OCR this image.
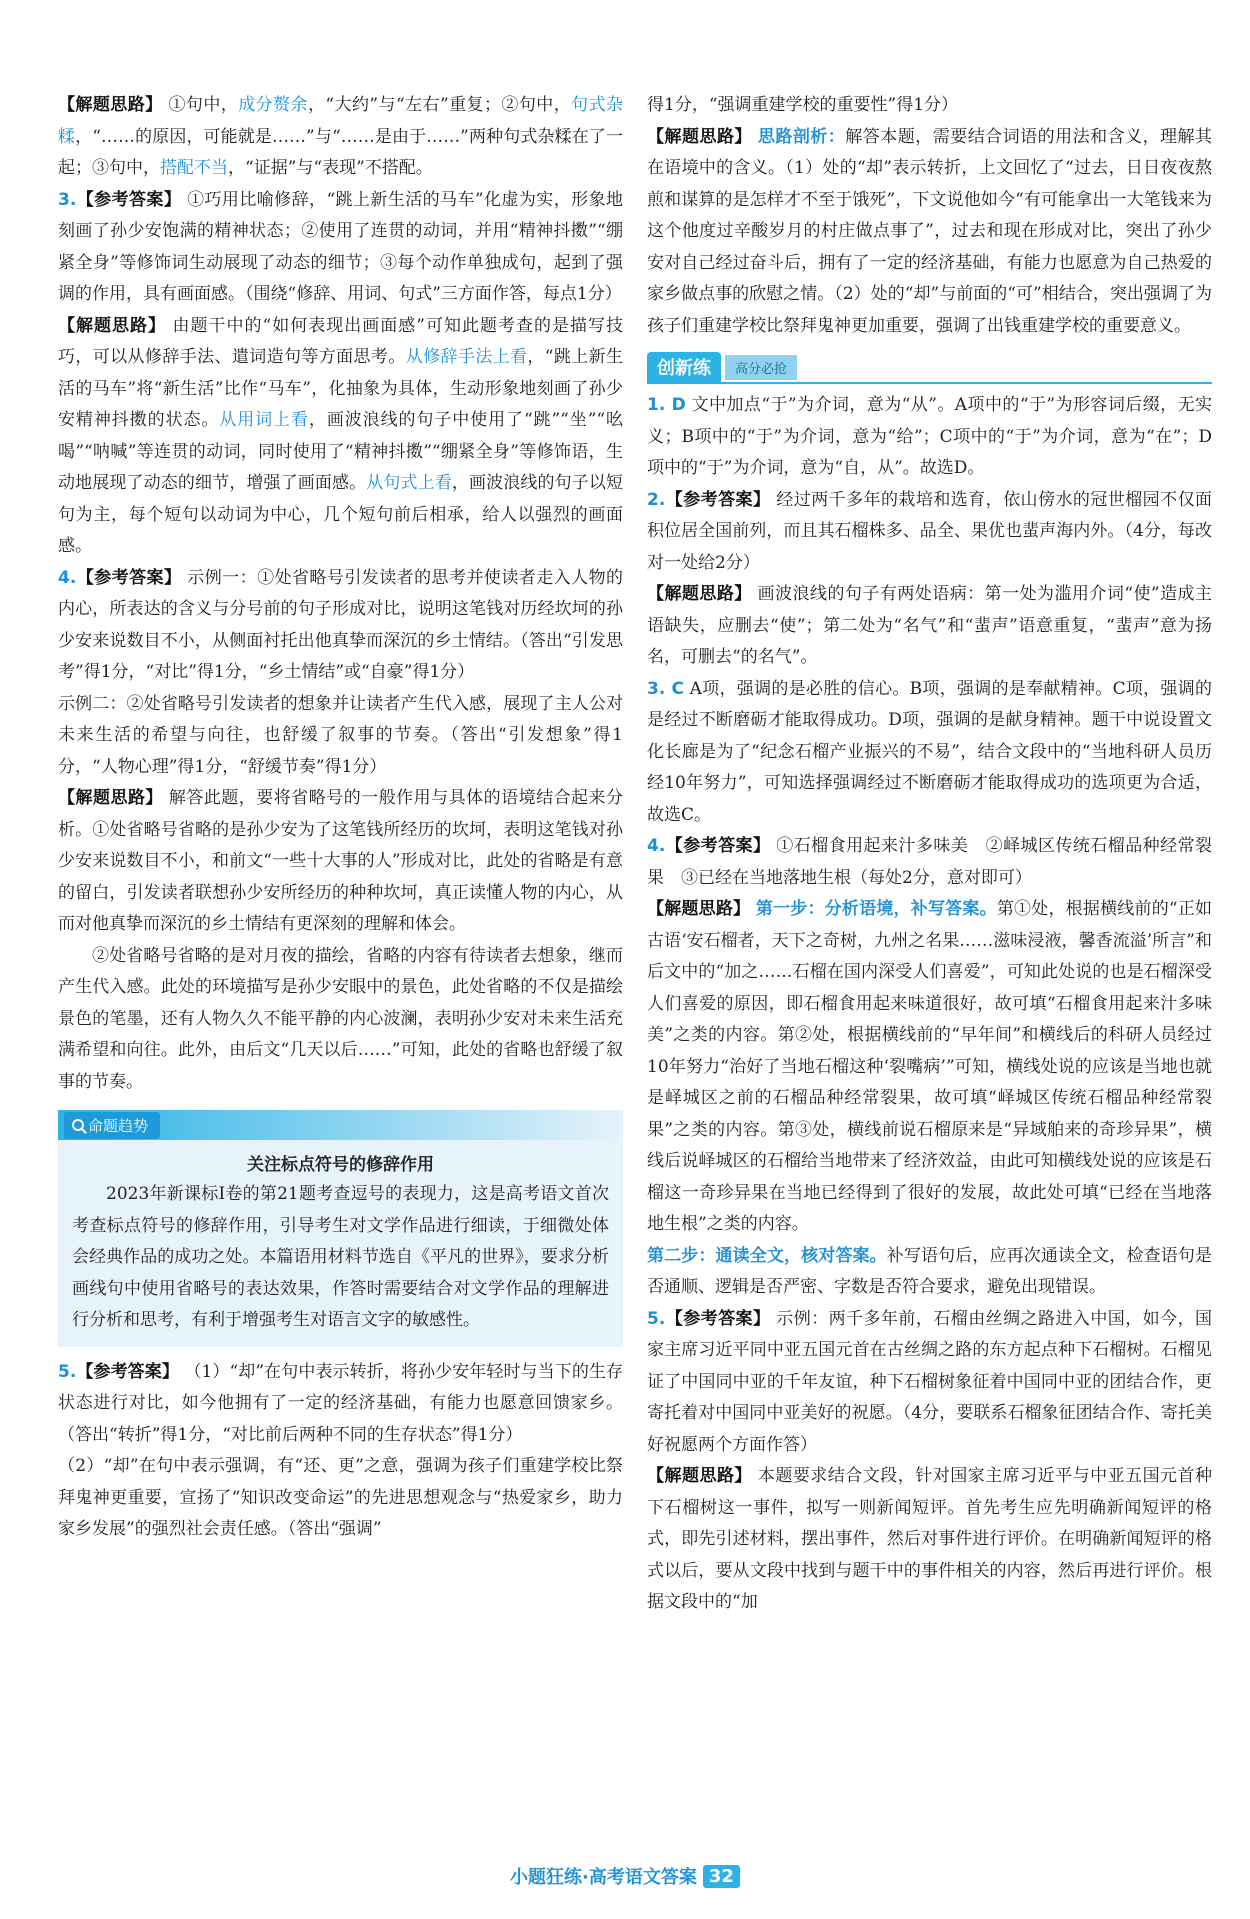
【解题思路】 ①句中，成分赘余，“大约”与“左右”重复；②句中，句式杂糅，“……的原因，可能就是……”与“……是由于……”两种句式杂糅在了一起；③句中，搭配不当，“证据”与“表现”不搭配。

3.【参考答案】 ①巧用比喻修辞，“跳上新生活的马车”化虚为实，形象地刻画了孙少安饱满的精神状态；②使用了连贯的动词，并用“精神抖擞”“绷紧全身”等修饰词生动展现了动态的细节；③每个动作单独成句，起到了强调的作用，具有画面感。（围绕“修辞、用词、句式”三方面作答，每点1分）

【解题思路】 由题干中的“如何表现出画面感”可知此题考查的是描写技巧，可以从修辞手法、遣词造句等方面思考。从修辞手法上看，“跳上新生活的马车”将“新生活”比作“马车”，化抽象为具体，生动形象地刻画了孙少安精神抖擞的状态。从用词上看，画波浪线的句子中使用了“跳”“坐”“吆喝”“呐喊”等连贯的动词，同时使用了“精神抖擞”“绷紧全身”等修饰语，生动地展现了动态的细节，增强了画面感。从句式上看，画波浪线的句子以短句为主，每个短句以动词为中心，几个短句前后相承，给人以强烈的画面感。

4.【参考答案】 示例一：①处省略号引发读者的思考并使读者走入人物的内心，所表达的含义与分号前的句子形成对比，说明这笔钱对历经坎坷的孙少安来说数目不小，从侧面衬托出他真挚而深沉的乡土情结。（答出“引发思考”得1分，“对比”得1分，“乡土情结”或“自豪”得1分）

示例二：②处省略号引发读者的想象并让读者产生代入感，展现了主人公对未来生活的希望与向往，也舒缓了叙事的节奏。（答出“引发想象”得1分，“人物心理”得1分，“舒缓节奏”得1分）

【解题思路】 解答此题，要将省略号的一般作用与具体的语境结合起来分析。①处省略号省略的是孙少安为了这笔钱所经历的坎坷，表明这笔钱对孙少安来说数目不小，和前文“一些十大事的人”形成对比，此处的省略是有意的留白，引发读者联想孙少安所经历的种种坎坷，真正读懂人物的内心，从而对他真挚而深沉的乡土情结有更深刻的理解和体会。

②处省略号省略的是对月夜的描绘，省略的内容有待读者去想象，继而产生代入感。此处的环境描写是孙少安眼中的景色，此处省略的不仅是描绘景色的笔墨，还有人物久久不能平静的内心波澜，表明孙少安对未来生活充满希望和向往。此外，由后文“几天以后……”可知，此处的省略也舒缓了叙事的节奏。

命题趋势
关注标点符号的修辞作用

2023年新课标Ⅰ卷的第21题考查逗号的表现力，这是高考语文首次考查标点符号的修辞作用，引导考生对文学作品进行细读，于细微处体会经典作品的成功之处。本篇语用材料节选自《平凡的世界》，要求分析画线句中使用省略号的表达效果，作答时需要结合对文学作品的理解进行分析和思考，有利于增强考生对语言文字的敏感性。

5.【参考答案】 （1）“却”在句中表示转折，将孙少安年轻时与当下的生存状态进行对比，如今他拥有了一定的经济基础，有能力也愿意回馈家乡。（答出“转折”得1分，“对比前后两种不同的生存状态”得1分）

（2）“却”在句中表示强调，有“还、更”之意，强调为孩子们重建学校比祭拜鬼神更重要，宣扬了“知识改变命运”的先进思想观念与“热爱家乡，助力家乡发展”的强烈社会责任感。（答出“强调”

得1分，“强调重建学校的重要性”得1分）

【解题思路】 思路剖析：解答本题，需要结合词语的用法和含义，理解其在语境中的含义。（1）处的“却”表示转折，上文回忆了“过去，日日夜夜熬煎和谋算的是怎样才不至于饿死”，下文说他如今“有可能拿出一大笔钱来为这个他度过辛酸岁月的村庄做点事了”，过去和现在形成对比，突出了孙少安对自己经过奋斗后，拥有了一定的经济基础，有能力也愿意为自己热爱的家乡做点事的欣慰之情。（2）处的“却”与前面的“可”相结合，突出强调了为孩子们重建学校比祭拜鬼神更加重要，强调了出钱重建学校的重要意义。

创新练	高分必抢

1. D 文中加点“于”为介词，意为“从”。A项中的“于”为形容词后缀，无实义；B项中的“于”为介词，意为“给”；C项中的“于”为介词，意为“在”；D项中的“于”为介词，意为“自，从”。故选D。

2.【参考答案】 经过两千多年的栽培和选育，依山傍水的冠世榴园不仅面积位居全国前列，而且其石榴株多、品全、果优也蜚声海内外。（4分，每改对一处给2分）

【解题思路】 画波浪线的句子有两处语病：第一处为滥用介词“使”造成主语缺失，应删去“使”；第二处为“名气”和“蜚声”语意重复，“蜚声”意为扬名，可删去“的名气”。

3. C A项，强调的是必胜的信心。B项，强调的是奉献精神。C项，强调的是经过不断磨砺才能取得成功。D项，强调的是献身精神。题干中说设置文化长廊是为了“纪念石榴产业振兴的不易”，结合文段中的“当地科研人员历经10年努力”，可知选择强调经过不断磨砺才能取得成功的选项更为合适，故选C。

4.【参考答案】 ①石榴食用起来汁多味美　②峄城区传统石榴品种经常裂果　③已经在当地落地生根（每处2分，意对即可）

【解题思路】 第一步：分析语境，补写答案。第①处，根据横线前的“正如古语‘安石榴者，天下之奇树，九州之名果……滋味浸液，馨香流溢’所言”和后文中的“加之……石榴在国内深受人们喜爱”，可知此处说的也是石榴深受人们喜爱的原因，即石榴食用起来味道很好，故可填“石榴食用起来汁多味美”之类的内容。第②处，根据横线前的“早年间”和横线后的科研人员经过10年努力“治好了当地石榴这种‘裂嘴病’”可知，横线处说的应该是当地也就是峄城区之前的石榴品种经常裂果，故可填“峄城区传统石榴品种经常裂果”之类的内容。第③处，横线前说石榴原来是“异域舶来的奇珍异果”，横线后说峄城区的石榴给当地带来了经济效益，由此可知横线处说的应该是石榴这一奇珍异果在当地已经得到了很好的发展，故此处可填“已经在当地落地生根”之类的内容。

第二步：通读全文，核对答案。补写语句后，应再次通读全文，检查语句是否通顺、逻辑是否严密、字数是否符合要求，避免出现错误。

5.【参考答案】 示例：两千多年前，石榴由丝绸之路进入中国，如今，国家主席习近平同中亚五国元首在古丝绸之路的东方起点种下石榴树。石榴见证了中国同中亚的千年友谊，种下石榴树象征着中国同中亚的团结合作，更寄托着对中国同中亚美好的祝愿。（4分，要联系石榴象征团结合作、寄托美好祝愿两个方面作答）

【解题思路】 本题要求结合文段，针对国家主席习近平与中亚五国元首种下石榴树这一事件，拟写一则新闻短评。首先考生应先明确新闻短评的格式，即先引述材料，摆出事件，然后对事件进行评价。在明确新闻短评的格式以后，要从文段中找到与题干中的事件相关的内容，然后再进行评价。根据文段中的“加

小题狂练·高考语文答案 32
